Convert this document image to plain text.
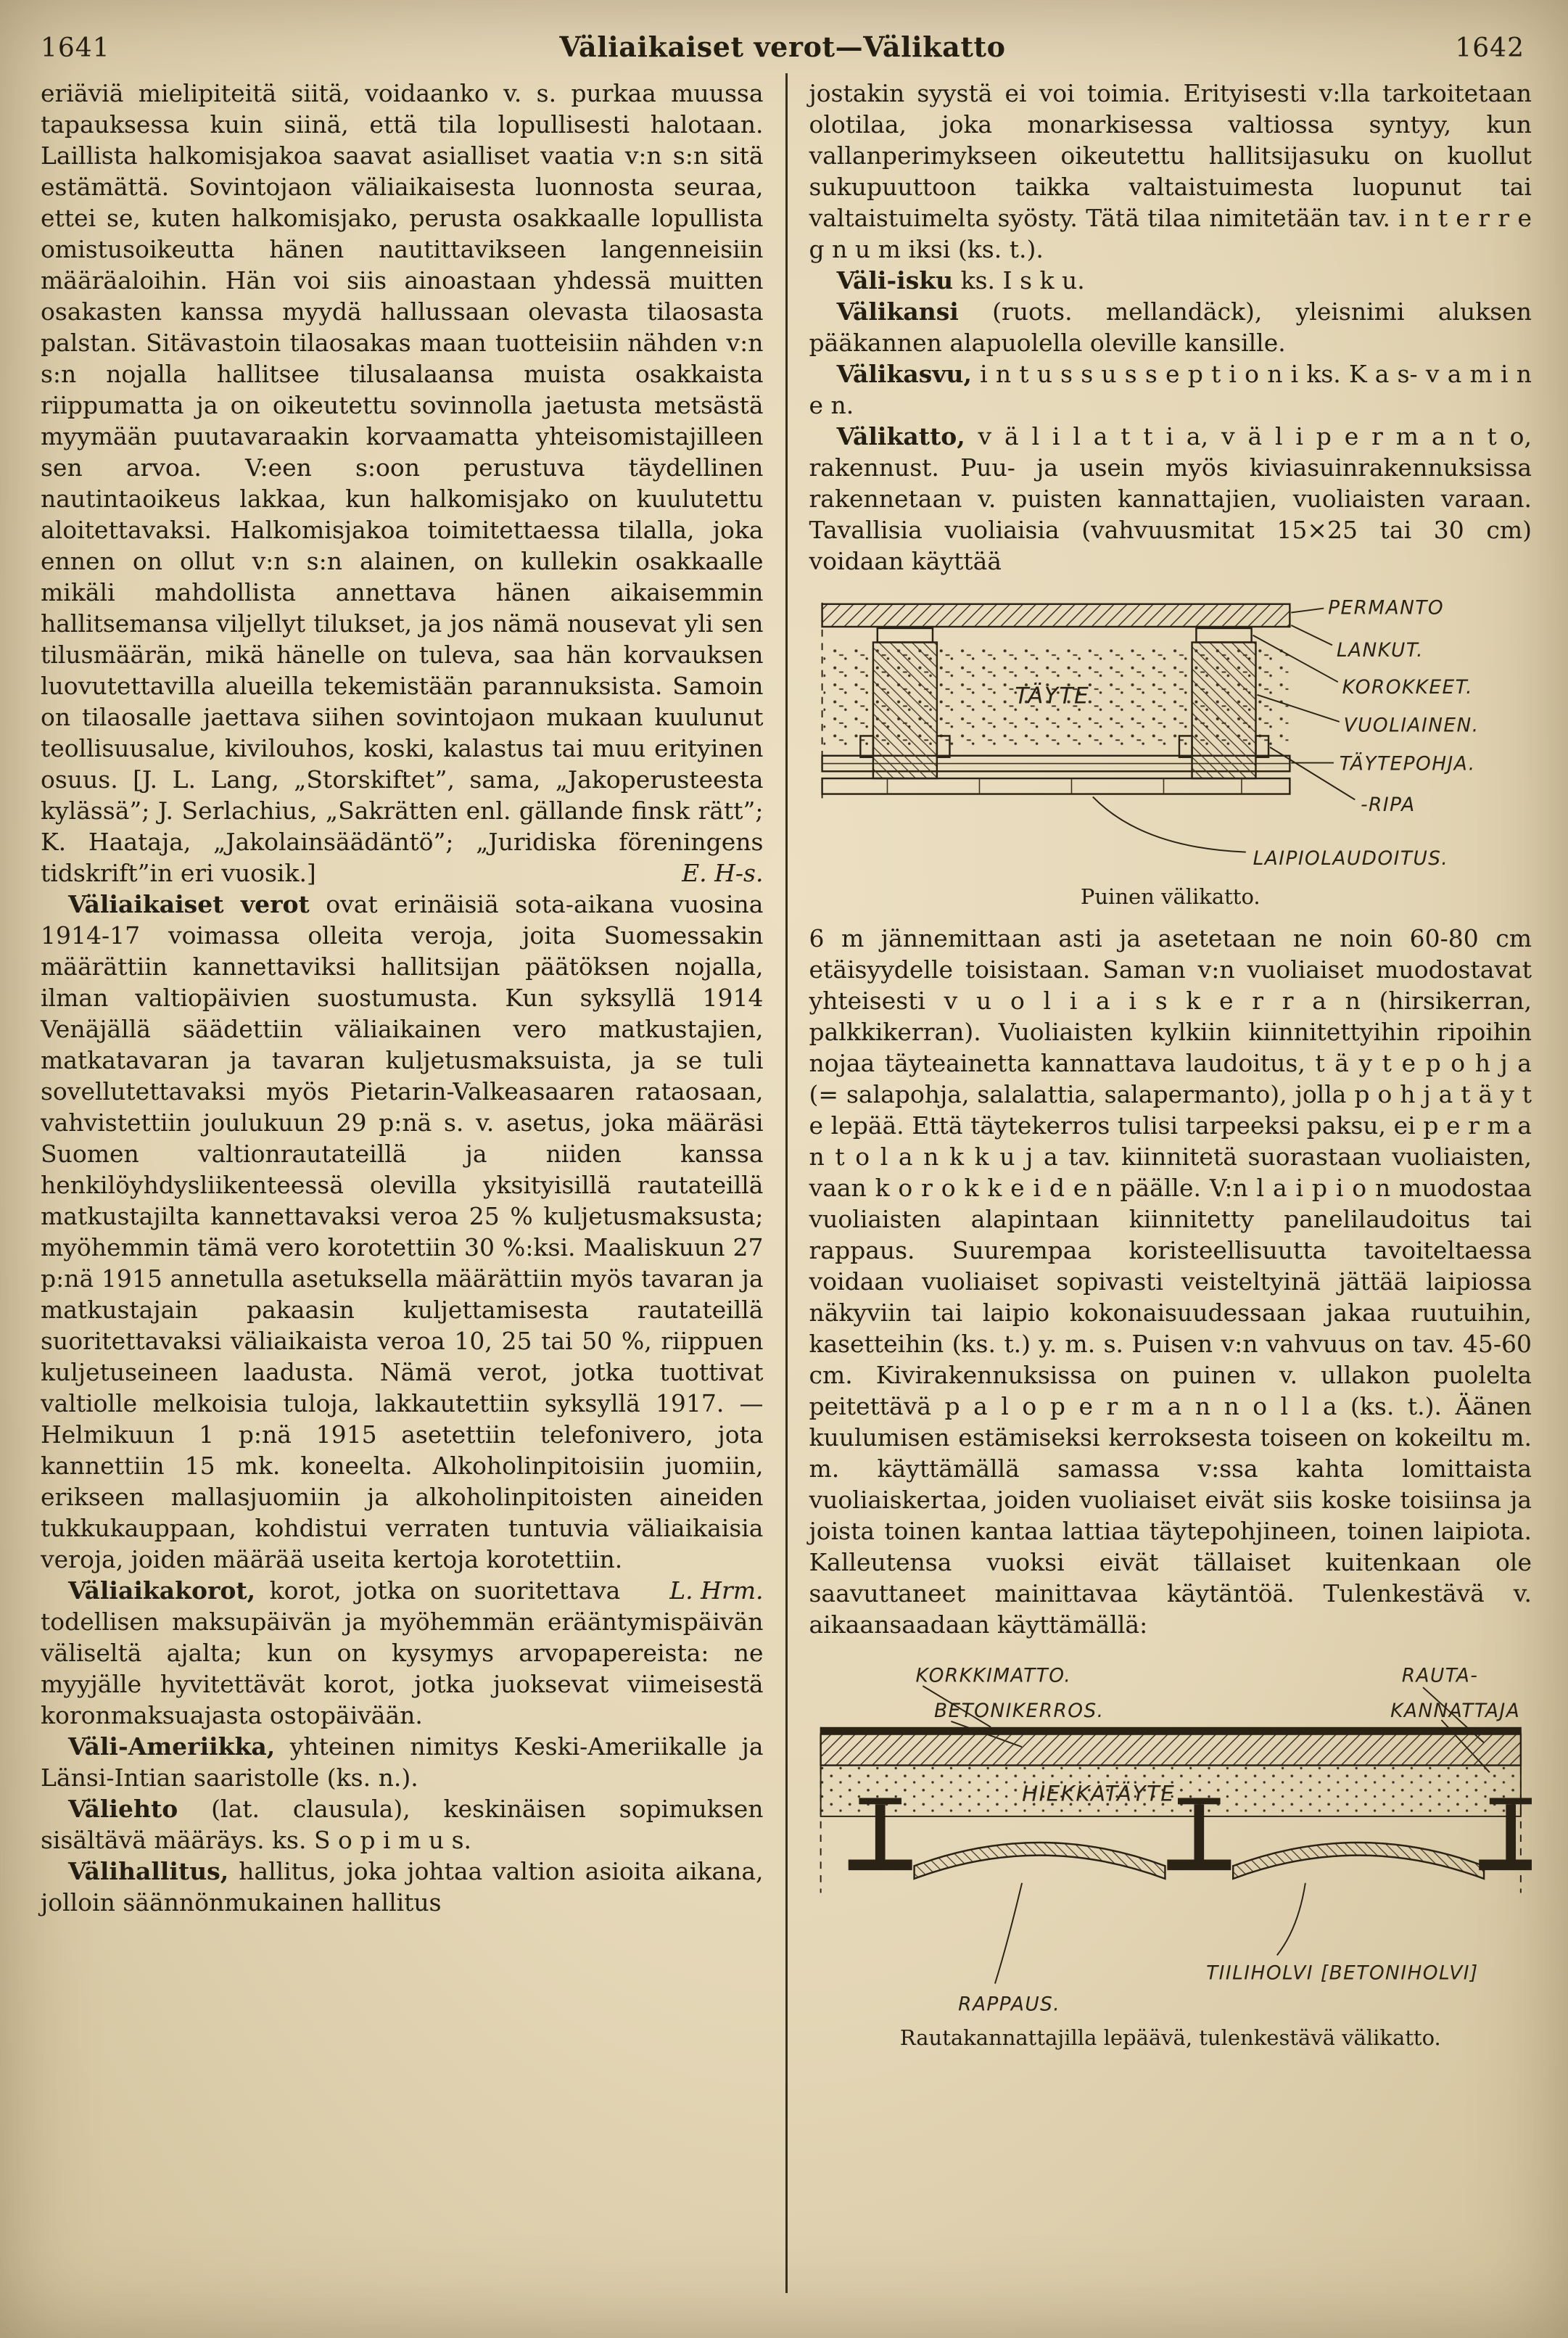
1641	Väliaikaiset verot—Välikatto	1642

eriäviä mielipiteitä siitä, voidaanko v. s. purkaa muussa tapauksessa kuin siinä, että tila lopullisesti halotaan. Laillista halkomisjakoa saavat asialliset vaatia v:n s:n sitä estämättä. Sovintojaon väliaikaisesta luonnosta seuraa, ettei se, kuten halkomisjako, perusta osakkaalle lopullista omistusoikeutta hänen nautittavikseen langenneisiin määräaloihin. Hän voi siis ainoastaan yhdessä muitten osakasten kanssa myydä hallussaan olevasta tilaosasta palstan. Sitävastoin tilaosakas maan tuotteisiin nähden v:n s:n nojalla hallitsee tilusalaansa muista osakkaista riippumatta ja on oikeutettu sovinnolla jaetusta metsästä myymään puutavaraakin korvaamatta yhteisomistajilleen sen arvoa. V:een s:oon perustuva täydellinen nautintaoikeus lakkaa, kun halkomisjako on kuulutettu aloitettavaksi. Halkomisjakoa toimitettaessa tilalla, joka ennen on ollut v:n s:n alainen, on kullekin osakkaalle mikäli mahdollista annettava hänen aikaisemmin hallitsemansa viljellyt tilukset, ja jos nämä nousevat yli sen tilusmäärän, mikä hänelle on tuleva, saa hän korvauksen luovutettavilla alueilla tekemistään parannuksista. Samoin on tilaosalle jaettava siihen sovintojaon mukaan kuulunut teollisuusalue, kivilouhos, koski, kalastus tai muu erityinen osuus. [J. L. Lang, „Storskiftet”, sama, „Jakoperusteesta kylässä”; J. Serlachius, „Sakrätten enl. gällande finsk rätt”; K. Haataja, „Jakolainsäädäntö”; „Juridiska föreningens tidskrift”in eri vuosik.]	E. H-s.

Väliaikaiset verot ovat erinäisiä sota-aikana vuosina 1914-17 voimassa olleita veroja, joita Suomessakin määrättiin kannettaviksi hallitsijan päätöksen nojalla, ilman valtiopäivien suostumusta. Kun syksyllä 1914 Venäjällä säädettiin väliaikainen vero matkustajien, matkatavaran ja tavaran kuljetusmaksuista, ja se tuli sovellutettavaksi myös Pietarin-Valkeasaaren rataosaan, vahvistettiin joulukuun 29 p:nä s. v. asetus, joka määräsi Suomen valtionrautateillä ja niiden kanssa henkilöyhdysliikenteessä olevilla yksityisillä rautateillä matkustajilta kannettavaksi veroa 25 % kuljetusmaksusta; myöhemmin tämä vero korotettiin 30 %:ksi. Maaliskuun 27 p:nä 1915 annetulla asetuksella määrättiin myös tavaran ja matkustajain pakaasin kuljettamisesta rautateillä suoritettavaksi väliaikaista veroa 10, 25 tai 50 %, riippuen kuljetuseineen laadusta. Nämä verot, jotka tuottivat valtiolle melkoisia tuloja, lakkautettiin syksyllä 1917. — Helmikuun 1 p:nä 1915 asetettiin telefonivero, jota kannettiin 15 mk. koneelta. Alkoholinpitoisiin juomiin, erikseen mallasjuomiin ja alkoholinpitoisten aineiden tukkukauppaan, kohdistui verraten tuntuvia väliaikaisia veroja, joiden määrää useita kertoja korotettiin.
L. Hrm.

Väliaikakorot, korot, jotka on suoritettava todellisen maksupäivän ja myöhemmän erääntymispäivän väliseltä ajalta; kun on kysymys arvopapereista: ne myyjälle hyvitettävät korot, jotka juoksevat viimeisestä koronmaksuajasta ostopäivään.

Väli-Ameriikka, yhteinen nimitys Keski-Ameriikalle ja Länsi-Intian saaristolle (ks. n.).

Väliehto (lat. clausula), keskinäisen sopimuksen sisältävä määräys. ks. S o p i m u s.

Välihallitus, hallitus, joka johtaa valtion asioita aikana, jolloin säännönmukainen hallitus

jostakin syystä ei voi toimia. Erityisesti v:lla tarkoitetaan olotilaa, joka monarkisessa valtiossa syntyy, kun vallanperimykseen oikeutettu hallitsijasuku on kuollut sukupuuttoon taikka valtaistuimesta luopunut tai valtaistuimelta syösty. Tätä tilaa nimitetään tav. i n t e r r e g n u m iksi (ks. t.).

Väli-isku ks. I s k u.

Välikansi (ruots. mellandäck), yleisnimi aluksen pääkannen alapuolella oleville kansille.

Välikasvu, i n t u s s u s s e p t i o n i ks. K a s- v a m i n e n.

Välikatto, v ä l i l a t t i a, v ä l i p e r m a n t o, rakennust. Puu- ja usein myös kiviasuinrakennuksissa rakennetaan v. puisten kannattajien, vuoliaisten varaan. Tavallisia vuoliaisia (vahvuusmitat 15×25 tai 30 cm) voidaan käyttää

TÄYTE
PERMANTO
LANKUT.
KOROKKEET.
VUOLIAINEN.
TÄYTEPOHJA.
-RIPA
LAIPIOLAUDOITUS.
Puinen välikatto.

6 m jännemittaan asti ja asetetaan ne noin 60-80 cm etäisyydelle toisistaan. Saman v:n vuoliaiset muodostavat yhteisesti v u o l i a i s k e r r a n (hirsikerran, palkkikerran). Vuoliaisten kylkiin kiinnitettyihin ripoihin nojaa täyteainetta kannattava laudoitus, t ä y t e p o h j a (= salapohja, salalattia, salapermanto), jolla p o h j a t ä y t e lepää. Että täytekerros tulisi tarpeeksi paksu, ei p e r m a n t o l a n k k u j a tav. kiinnitetä suorastaan vuoliaisten, vaan k o r o k k e i d e n päälle. V:n l a i p i o n muodostaa vuoliaisten alapintaan kiinnitetty panelilaudoitus tai rappaus. Suurempaa koristeellisuutta tavoiteltaessa voidaan vuoliaiset sopivasti veisteltyinä jättää laipiossa näkyviin tai laipio kokonaisuudessaan jakaa ruutuihin, kasetteihin (ks. t.) y. m. s. Puisen v:n vahvuus on tav. 45-60 cm. Kivirakennuksissa on puinen v. ullakon puolelta peitettävä p a l o p e r m a n n o l l a (ks. t.). Äänen kuulumisen estämiseksi kerroksesta toiseen on kokeiltu m. m. käyttämällä samassa v:ssa kahta lomittaista vuoliaiskertaa, joiden vuoliaiset eivät siis koske toisiinsa ja joista toinen kantaa lattiaa täytepohjineen, toinen laipiota. Kalleutensa vuoksi eivät tällaiset kuitenkaan ole saavuttaneet mainittavaa käytäntöä. Tulenkestävä v. aikaansaadaan käyttämällä:

KORKKIMATTO.	RAUTA-
BETONIKERROS.	KANNATTAJA
HIEKKATÄYTE
TIILIHOLVI [BETONIHOLVI]
RAPPAUS.
Rautakannattajilla lepäävä, tulenkestävä välikatto.
